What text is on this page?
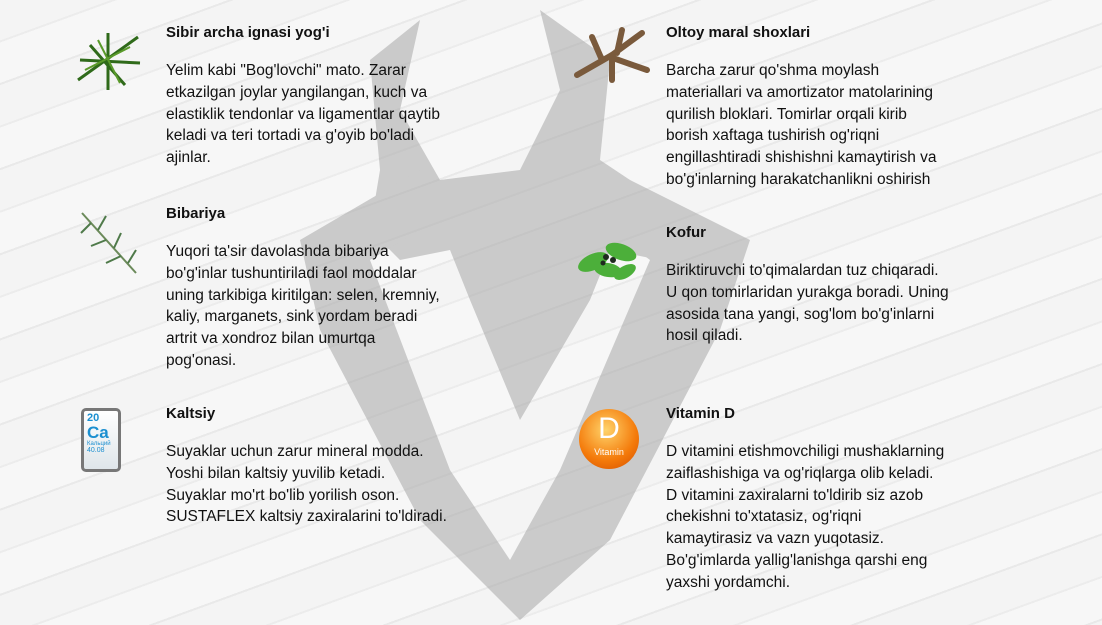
20
Ca
Кальций
40.08
D
Vitamin
Sibir archa ignasi yog'i
Yelim kabi "Bog'lovchi" mato. Zarar
etkazilgan joylar yangilangan, kuch va
elastiklik tendonlar va ligamentlar qaytib
keladi va teri tortadi va g'oyib bo'ladi
ajinlar.
Bibariya
Yuqori ta'sir davolashda bibariya
bo'g'inlar tushuntiriladi faol moddalar
uning tarkibiga kiritilgan: selen, kremniy,
kaliy, marganets, sink yordam beradi
artrit va xondroz bilan umurtqa
pog'onasi.
Kaltsiy
Suyaklar uchun zarur mineral modda.
Yoshi bilan kaltsiy yuvilib ketadi.
Suyaklar mo'rt bo'lib yorilish oson.
SUSTAFLEX kaltsiy zaxiralarini to'ldiradi.
Oltoy maral shoxlari
Barcha zarur qo'shma moylash
materiallari va amortizator matolarining
qurilish bloklari. Tomirlar orqali kirib
borish xaftaga tushirish og'riqni
engillashtiradi shishishni kamaytirish va
bo'g'inlarning harakatchanlikni oshirish
Kofur
Biriktiruvchi to'qimalardan tuz chiqaradi.
U qon tomirlaridan yurakga boradi. Uning
asosida tana yangi, sog'lom bo'g'inlarni
hosil qiladi.
Vitamin D
D vitamini etishmovchiligi mushaklarning
zaiflashishiga va og'riqlarga olib keladi.
D vitamini zaxiralarni to'ldirib siz azob
chekishni to'xtatasiz, og'riqni
kamaytirasiz va vazn yuqotasiz.
Bo'g'imlarda yallig'lanishga qarshi eng
yaxshi yordamchi.
